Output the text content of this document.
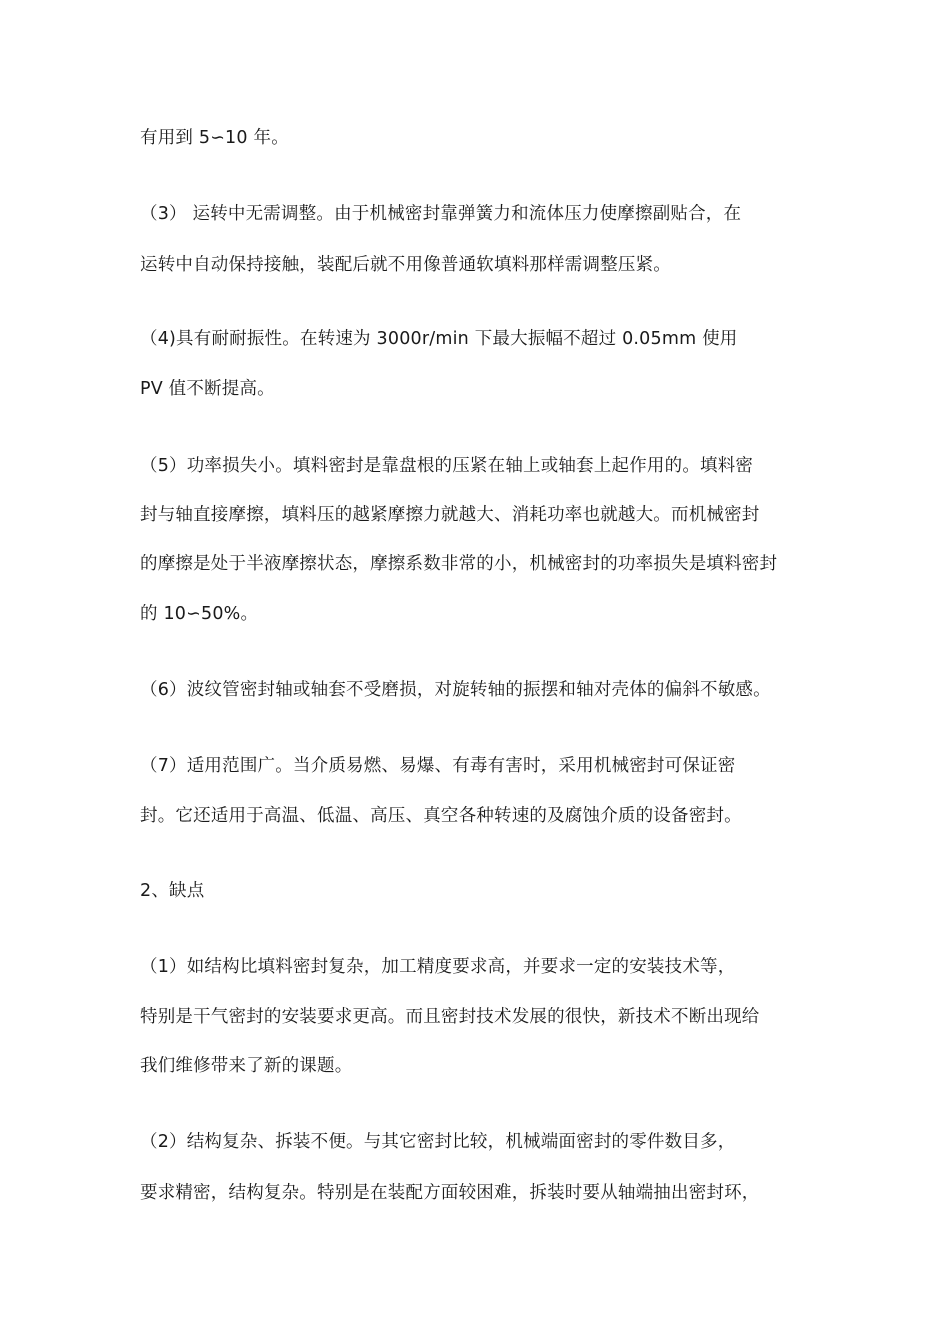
有用到 5∽10 年。
（3） 运转中无需调整。由于机械密封靠弹簧力和流体压力使摩擦副贴合，在
运转中自动保持接触，装配后就不用像普通软填料那样需调整压紧。
（4)具有耐耐振性。在转速为 3000r/min 下最大振幅不超过 0.05mm 使用
PV 值不断提高。
（5）功率损失小。填料密封是靠盘根的压紧在轴上或轴套上起作用的。填料密
封与轴直接摩擦，填料压的越紧摩擦力就越大、消耗功率也就越大。而机械密封
的摩擦是处于半液摩擦状态，摩擦系数非常的小，机械密封的功率损失是填料密封
的 10∽50%。
（6）波纹管密封轴或轴套不受磨损，对旋转轴的振摆和轴对壳体的偏斜不敏感。
（7）适用范围广。当介质易燃、易爆、有毒有害时，采用机械密封可保证密
封。它还适用于高温、低温、高压、真空各种转速的及腐蚀介质的设备密封。
2、缺点
（1）如结构比填料密封复杂，加工精度要求高，并要求一定的安装技术等，
特别是干气密封的安装要求更高。而且密封技术发展的很快，新技术不断出现给
我们维修带来了新的课题。
（2）结构复杂、拆装不便。与其它密封比较，机械端面密封的零件数目多，
要求精密，结构复杂。特别是在装配方面较困难，拆装时要从轴端抽出密封环，
